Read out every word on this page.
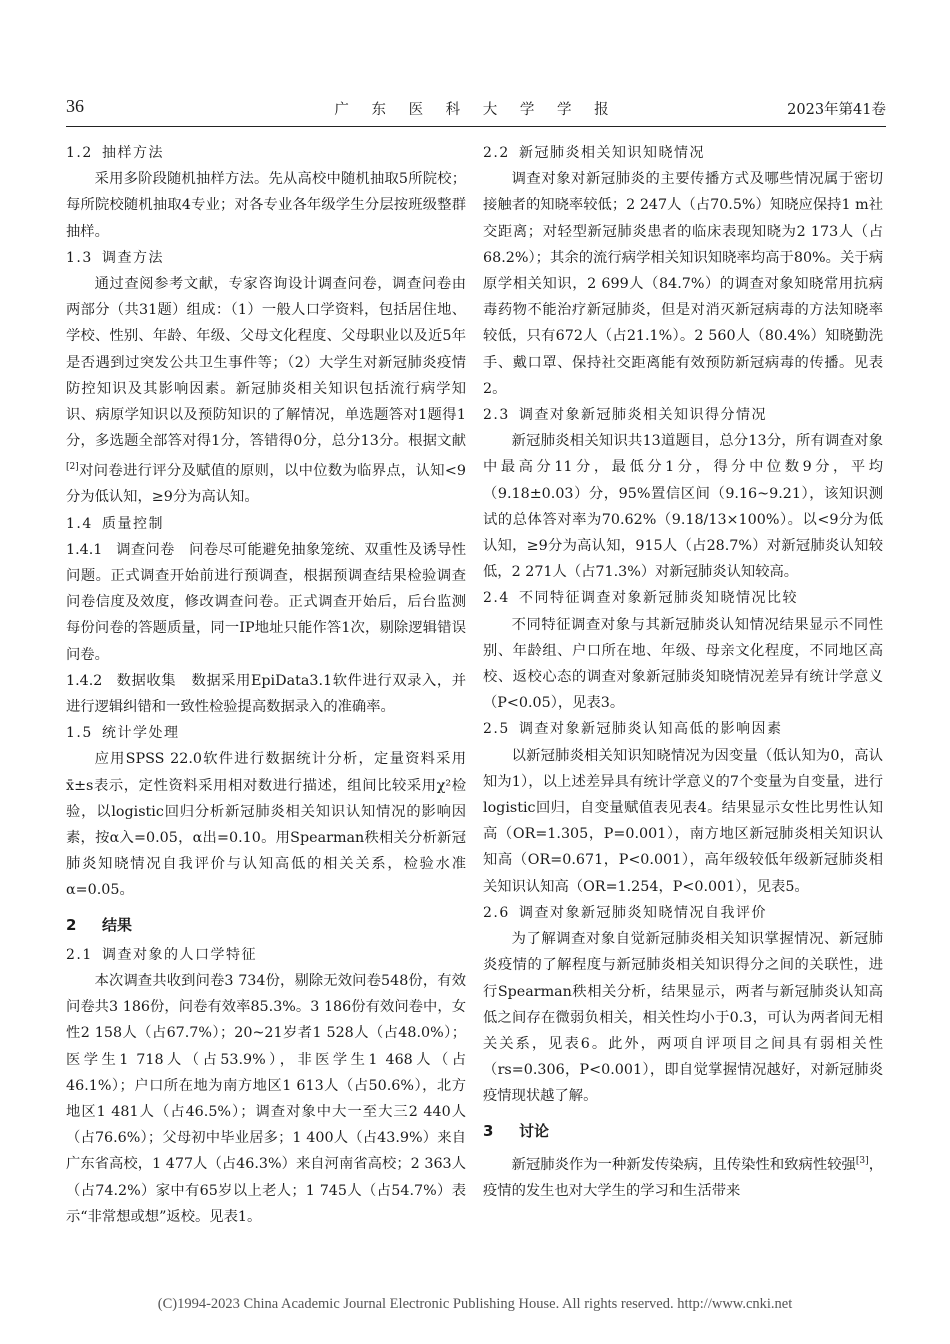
36	广 东 医 科 大 学 学 报	2023年第41卷

1.2 抽样方法

采用多阶段随机抽样方法。先从高校中随机抽取5所院校；每所院校随机抽取4专业；对各专业各年级学生分层按班级整群抽样。

1.3 调查方法

通过查阅参考文献，专家咨询设计调查问卷，调查问卷由两部分（共31题）组成：（1）一般人口学资料，包括居住地、学校、性别、年龄、年级、父母文化程度、父母职业以及近5年是否遇到过突发公共卫生事件等；（2）大学生对新冠肺炎疫情防控知识及其影响因素。新冠肺炎相关知识包括流行病学知识、病原学知识以及预防知识的了解情况，单选题答对1题得1分，多选题全部答对得1分，答错得0分，总分13分。根据文献[2]对问卷进行评分及赋值的原则，以中位数为临界点，认知<9分为低认知，≥9分为高认知。

1.4 质量控制

1.4.1 调查问卷 问卷尽可能避免抽象笼统、双重性及诱导性问题。正式调查开始前进行预调查，根据预调查结果检验调查问卷信度及效度，修改调查问卷。正式调查开始后，后台监测每份问卷的答题质量，同一IP地址只能作答1次，剔除逻辑错误问卷。

1.4.2 数据收集 数据采用EpiData3.1软件进行双录入，并进行逻辑纠错和一致性检验提高数据录入的准确率。

1.5 统计学处理

应用SPSS 22.0软件进行数据统计分析，定量资料采用x̄±s表示，定性资料采用相对数进行描述，组间比较采用χ²检验，以logistic回归分析新冠肺炎相关知识认知情况的影响因素，按α入=0.05，α出=0.10。用Spearman秩相关分析新冠肺炎知晓情况自我评价与认知高低的相关关系，检验水准α=0.05。

2 结果

2.1 调查对象的人口学特征

本次调查共收到问卷3 734份，剔除无效问卷548份，有效问卷共3 186份，问卷有效率85.3%。3 186份有效问卷中，女性2 158人（占67.7%）；20~21岁者1 528人（占48.0%）；医学生1 718人（占53.9%），非医学生1 468人（占46.1%）；户口所在地为南方地区1 613人（占50.6%），北方地区1 481人（占46.5%）；调查对象中大一至大三2 440人（占76.6%）；父母初中毕业居多；1 400人（占43.9%）来自广东省高校，1 477人（占46.3%）来自河南省高校；2 363人（占74.2%）家中有65岁以上老人；1 745人（占54.7%）表示“非常想或想”返校。见表1。

2.2 新冠肺炎相关知识知晓情况

调查对象对新冠肺炎的主要传播方式及哪些情况属于密切接触者的知晓率较低；2 247人（占70.5%）知晓应保持1 m社交距离；对轻型新冠肺炎患者的临床表现知晓为2 173人（占68.2%）；其余的流行病学相关知识知晓率均高于80%。关于病原学相关知识，2 699人（84.7%）的调查对象知晓常用抗病毒药物不能治疗新冠肺炎，但是对消灭新冠病毒的方法知晓率较低，只有672人（占21.1%）。2 560人（80.4%）知晓勤洗手、戴口罩、保持社交距离能有效预防新冠病毒的传播。见表2。

2.3 调查对象新冠肺炎相关知识得分情况

新冠肺炎相关知识共13道题目，总分13分，所有调查对象中最高分11分，最低分1分，得分中位数9分，平均（9.18±0.03）分，95%置信区间（9.16~9.21），该知识测试的总体答对率为70.62%（9.18/13×100%）。以<9分为低认知，≥9分为高认知，915人（占28.7%）对新冠肺炎认知较低，2 271人（占71.3%）对新冠肺炎认知较高。

2.4 不同特征调查对象新冠肺炎知晓情况比较

不同特征调查对象与其新冠肺炎认知情况结果显示不同性别、年龄组、户口所在地、年级、母亲文化程度，不同地区高校、返校心态的调查对象新冠肺炎知晓情况差异有统计学意义（P<0.05），见表3。

2.5 调查对象新冠肺炎认知高低的影响因素

以新冠肺炎相关知识知晓情况为因变量（低认知为0，高认知为1），以上述差异具有统计学意义的7个变量为自变量，进行logistic回归，自变量赋值表见表4。结果显示女性比男性认知高（OR=1.305，P=0.001），南方地区新冠肺炎相关知识认知高（OR=0.671，P<0.001），高年级较低年级新冠肺炎相关知识认知高（OR=1.254，P<0.001），见表5。

2.6 调查对象新冠肺炎知晓情况自我评价

为了解调查对象自觉新冠肺炎相关知识掌握情况、新冠肺炎疫情的了解程度与新冠肺炎相关知识得分之间的关联性，进行Spearman秩相关分析，结果显示，两者与新冠肺炎认知高低之间存在微弱负相关，相关性均小于0.3，可认为两者间无相关关系，见表6。此外，两项自评项目之间具有弱相关性（rs=0.306，P<0.001），即自觉掌握情况越好，对新冠肺炎疫情现状越了解。

3 讨论

新冠肺炎作为一种新发传染病，且传染性和致病性较强[3]，疫情的发生也对大学生的学习和生活带来

(C)1994-2023 China Academic Journal Electronic Publishing House. All rights reserved. http://www.cnki.net
